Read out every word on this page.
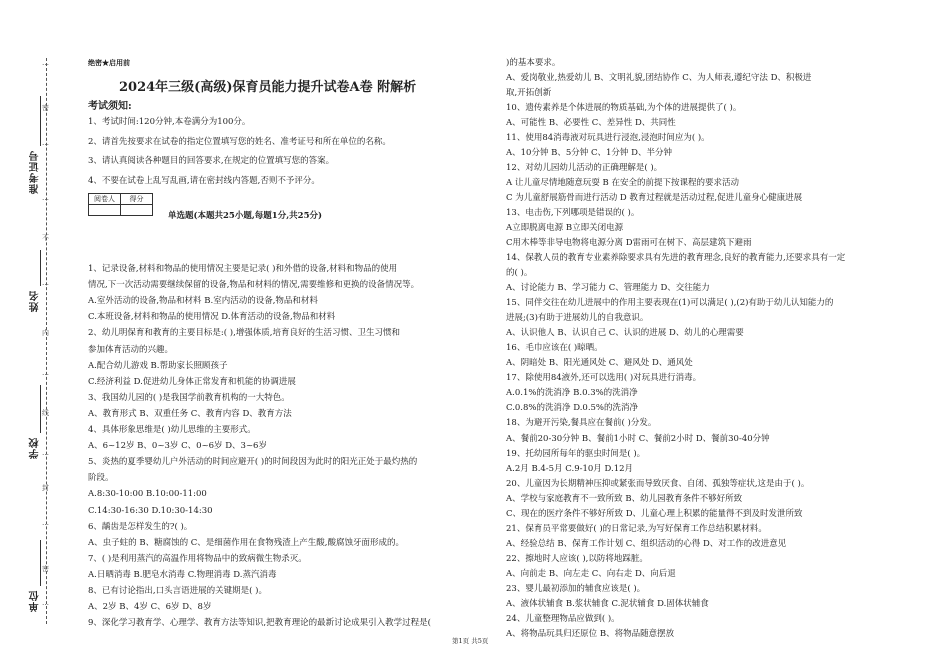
…
密
…
…
不
…
内
…
线
…
封
…
密
…
准考证号
姓名
学校
单位
绝密★启用前
2024年三级(高级)保育员能力提升试卷A卷 附解析
考试须知:
1、考试时间:120分钟,本卷满分为100分。
2、请首先按要求在试卷的指定位置填写您的姓名、准考证号和所在单位的名称。
3、请认真阅读各种题目的回答要求,在规定的位置填写您的答案。
4、不要在试卷上乱写乱画,请在密封线内答题,否则不予评分。
阅卷人	得分

单选题(本题共25小题,每题1分,共25分)
1、记录设备,材料和物品的使用情况主要是记录( )和外借的设备,材料和物品的使用
情况,下一次活动需要继续保留的设备,物品和材料的情况,需要维修和更换的设备情况等。
A.室外活动的设备,物品和材料 B.室内活动的设备,物品和材料
C.本班设备,材料和物品的使用情况 D.体育活动的设备,物品和材料
2、幼儿明保育和教育的主要目标是:( ),增强体质,培育良好的生活习惯、卫生习惯和
参加体育活动的兴趣。
A.配合幼儿游戏 B.帮助家长照顾孩子
C.经济利益 D.促进幼儿身体正常发育和机能的协调进展
3、我国幼儿园的( )是我国学前教育机构的一大特色。
A、教育形式 B、双重任务 C、教育内容 D、教育方法
4、具体形象思维是( )幼儿思维的主要形式。
A、6~12岁 B、0~3岁 C、0~6岁 D、3~6岁
5、炎热的夏季婴幼儿户外活动的时间应避开( )的时间段因为此时的阳光正处于最灼热的
阶段。
A.8:30-10:00 B.10:00-11:00
C.14:30-16:30 D.10:30-14:30
6、龋齿是怎样发生的?( )。
A、虫子蛀的 B、糖腐蚀的 C、是细菌作用在食物残渣上产生酸,酸腐蚀牙面形成的。
7、( )是利用蒸汽的高温作用将物品中的致病微生物杀灭。
A.日晒消毒 B.肥皂水消毒 C.物理消毒 D.蒸汽消毒
8、已有讨论指出,口头言语进展的关键期是( )。
A、2岁 B、4岁 C、6岁 D、8岁
9、深化学习教育学、心理学、教育方法等知识,把教育理论的最新讨论成果引入教学过程是(
)的基本要求。
A、爱岗敬业,热爱幼儿 B、文明礼貌,团结协作 C、为人师表,遵纪守法 D、积极进
取,开拓创新
10、遗传素养是个体进展的物质基础,为个体的进展提供了( )。
A、可能性 B、必要性 C、差异性 D、共同性
11、使用84消毒液对玩具进行浸泡,浸泡时间应为( )。
A、10分钟 B、5分钟 C、1分钟 D、半分钟
12、对幼儿园幼儿活动的正确理解是( )。
A 让儿童尽情地随意玩耍 B 在安全的前提下按课程的要求活动
C 为儿童舒展筋骨而进行活动 D 教育过程就是活动过程,促进儿童身心健康进展
13、电击伤,下列哪项是错误的( )。
A立即脱离电源 B立即关闭电源
C用木棒等非导电物将电源分离 D雷雨可在树下、高层建筑下避雨
14、保教人员的教育专业素养除要求具有先进的教育理念,良好的教育能力,还要求具有一定
的( )。
A、讨论能力 B、学习能力 C、管理能力 D、交往能力
15、同伴交往在幼儿进展中的作用主要表现在(1)可以满足( ),(2)有助于幼儿认知能力的
进展;(3)有助于进展幼儿的自我意识。
A、认识他人 B、认识自己 C、认识的进展 D、幼儿的心理需要
16、毛巾应该在( )晾晒。
A、阴暗处 B、阳光通风处 C、避风处 D、通风处
17、除使用84液外,还可以选用( )对玩具进行消毒。
A.0.1%的洗消净 B.0.3%的洗消净
C.0.8%的洗消净 D.0.5%的洗消净
18、为避开污染,餐具应在餐前( )分发。
A、餐前20-30分钟 B、餐前1小时 C、餐前2小时 D、餐前30-40分钟
19、托幼园所每年的驱虫时间是( )。
A.2月 B.4-5月 C.9-10月 D.12月
20、儿童因为长期精神压抑或紧张而导致厌食、自闭、孤独等症状,这是由于( )。
A、学校与家庭教育不一致所致 B、幼儿园教育条件不够好所致
C、现在的医疗条件不够好所致 D、儿童心理上积累的能量得不到及时发泄所致
21、保育员平常要做好( )的日常记录,为写好保育工作总结积累材料。
A、经验总结 B、保育工作计划 C、组织活动的心得 D、对工作的改进意见
22、擦地时人应该( ),以防将地踩脏。
A、向前走 B、向左走 C、向右走 D、向后退
23、婴儿最初添加的辅食应该是( )。
A、液体状辅食 B.浆状辅食 C.泥状辅食 D.固体状辅食
24、儿童整理物品应做到( )。
A、将物品玩具归还原位 B、将物品随意摆放
第1页 共5页
